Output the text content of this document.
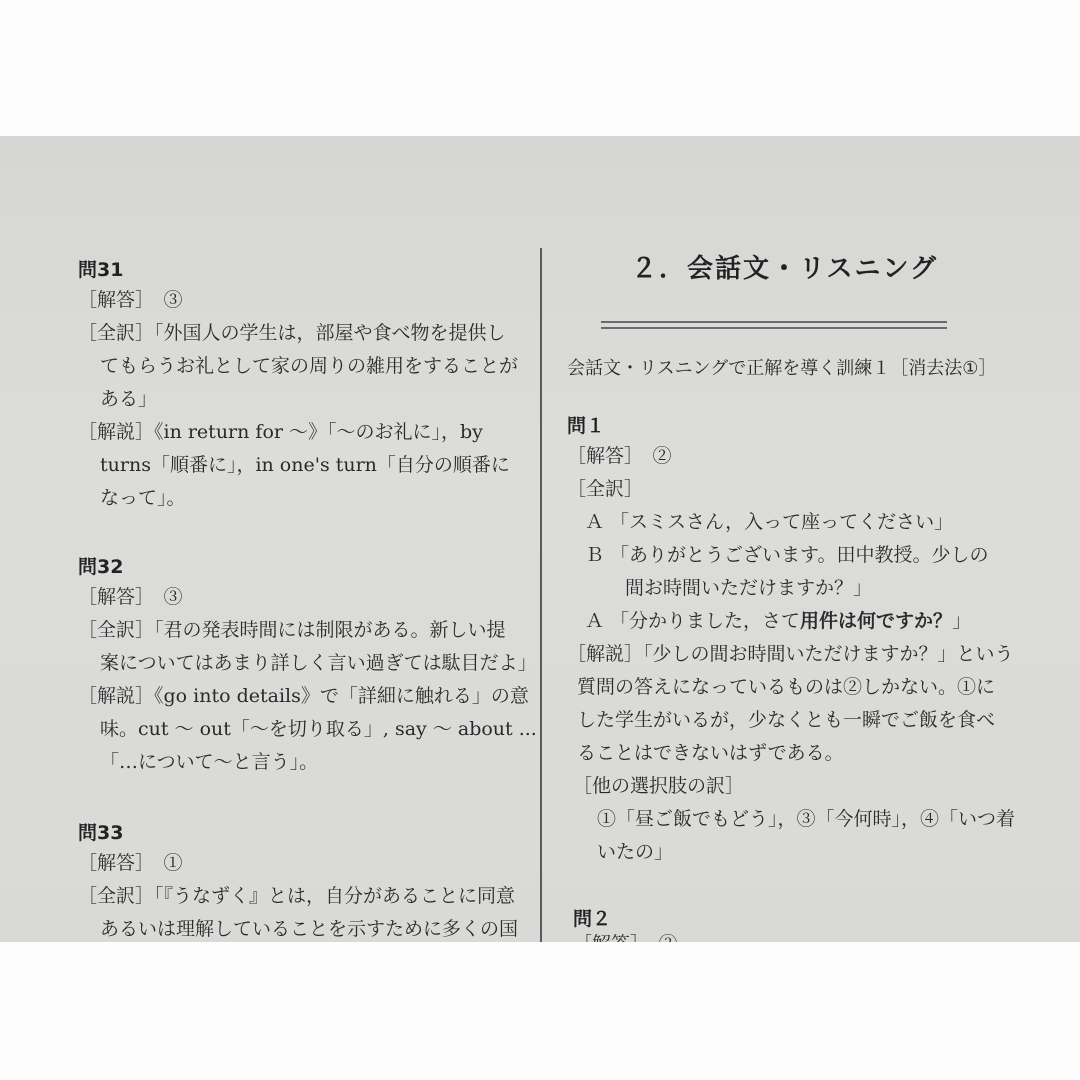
問31
［解答］　③
［全訳］「外国人の学生は，部屋や食べ物を提供し
てもらうお礼として家の周りの雑用をすることが
ある」
［解説］《in return for 〜》「〜のお礼に」，by
turns「順番に」，in one's turn「自分の順番に
なって」。
問32
［解答］　③
［全訳］「君の発表時間には制限がある。新しい提
案についてはあまり詳しく言い過ぎては駄目だよ」
［解説］《go into details》で「詳細に触れる」の意
味。cut 〜 out「〜を切り取る」, say 〜 about ...
「…について〜と言う」。
問33
［解答］　①
［全訳］「『うなずく』とは，自分があることに同意
あるいは理解していることを示すために多くの国
２．会話文・リスニング
会話文・リスニングで正解を導く訓練１［消去法①］
問１
［解答］　②
［全訳］
Ａ 「スミスさん，入って座ってください」
Ｂ 「ありがとうございます。田中教授。少しの
間お時間いただけますか？」
Ａ 「分かりました，さて用件は何ですか？」
［解説］「少しの間お時間いただけますか？」という
質問の答えになっているものは②しかない。①に
した学生がいるが，少なくとも一瞬でご飯を食べ
ることはできないはずである。
［他の選択肢の訳］
①「昼ご飯でもどう」，③「今何時」，④「いつ着
いたの」
問２
